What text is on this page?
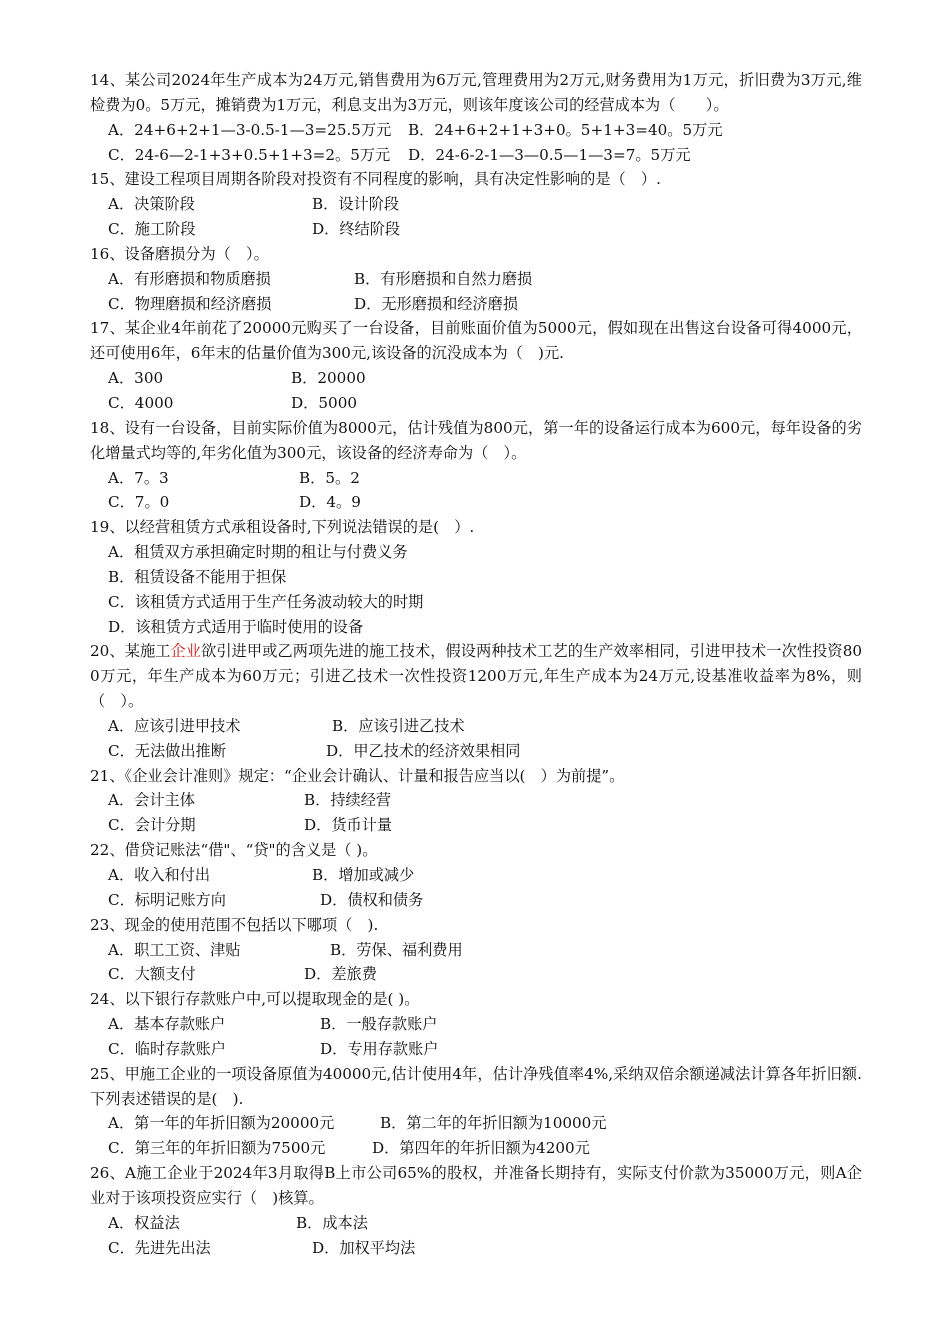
14、某公司2024年生产成本为24万元,销售费用为6万元,管理费用为2万元,财务费用为1万元，折旧费为3万元,维检费为0。5万元，摊销费为1万元，利息支出为3万元，则该年度该公司的经营成本为（　　）。

A．24+6+2+1—3-0.5-1—3=25.5万元 B．24+6+2+1+3+0。5+1+3=40。5万元
C．24-6—2-1+3+0.5+1+3=2。5万元 D．24-6-2-1—3—0.5—1—3=7。5万元

15、建设工程项目周期各阶段对投资有不同程度的影响，具有决定性影响的是（　）.

A．决策阶段	B．设计阶段
C．施工阶段	D．终结阶段

16、设备磨损分为（　）。

A．有形磨损和物质磨损	B．有形磨损和自然力磨损
C．物理磨损和经济磨损	D．无形磨损和经济磨损

17、某企业4年前花了20000元购买了一台设备，目前账面价值为5000元，假如现在出售这台设备可得4000元，还可使用6年，6年末的估量价值为300元,该设备的沉没成本为（　)元.

A．300	B．20000
C．4000	D．5000

18、设有一台设备，目前实际价值为8000元，估计残值为800元，第一年的设备运行成本为600元，每年设备的劣化增量式均等的,年劣化值为300元，该设备的经济寿命为（　）。

A．7。3	B．5。2
C．7。0	D．4。9

19、以经营租赁方式承租设备时,下列说法错误的是(　）.

A．租赁双方承担确定时期的租让与付费义务
B．租赁设备不能用于担保
C．该租赁方式适用于生产任务波动较大的时期
D．该租赁方式适用于临时使用的设备

20、某施工企业欲引进甲或乙两项先进的施工技术，假设两种技术工艺的生产效率相同，引进甲技术一次性投资800万元，年生产成本为60万元；引进乙技术一次性投资1200万元,年生产成本为24万元,设基准收益率为8%，则（　）。

A．应该引进甲技术	B．应该引进乙技术
C．无法做出推断	D．甲乙技术的经济效果相同

21、《企业会计准则》规定：“企业会计确认、计量和报告应当以(　）为前提”。

A．会计主体	B．持续经营
C．会计分期	D．货币计量

22、借贷记账法“借"、“贷"的含义是（ )。

A．收入和付出	B．增加或减少
C．标明记账方向	D．债权和债务

23、现金的使用范围不包括以下哪项（　).

A．职工工资、津贴	B．劳保、福利费用
C．大额支付	D．差旅费

24、以下银行存款账户中,可以提取现金的是( )。

A．基本存款账户	B．一般存款账户
C．临时存款账户	D．专用存款账户

25、甲施工企业的一项设备原值为40000元,估计使用4年，估计净残值率4%,采纳双倍余额递减法计算各年折旧额.下列表述错误的是(　).

A．第一年的年折旧额为20000元	B．第二年的年折旧额为10000元
C．第三年的年折旧额为7500元	D．第四年的年折旧额为4200元

26、A施工企业于2024年3月取得B上市公司65%的股权，并准备长期持有，实际支付价款为35000万元，则A企业对于该项投资应实行（　)核算。

A．权益法	B．成本法
C．先进先出法	D．加权平均法
